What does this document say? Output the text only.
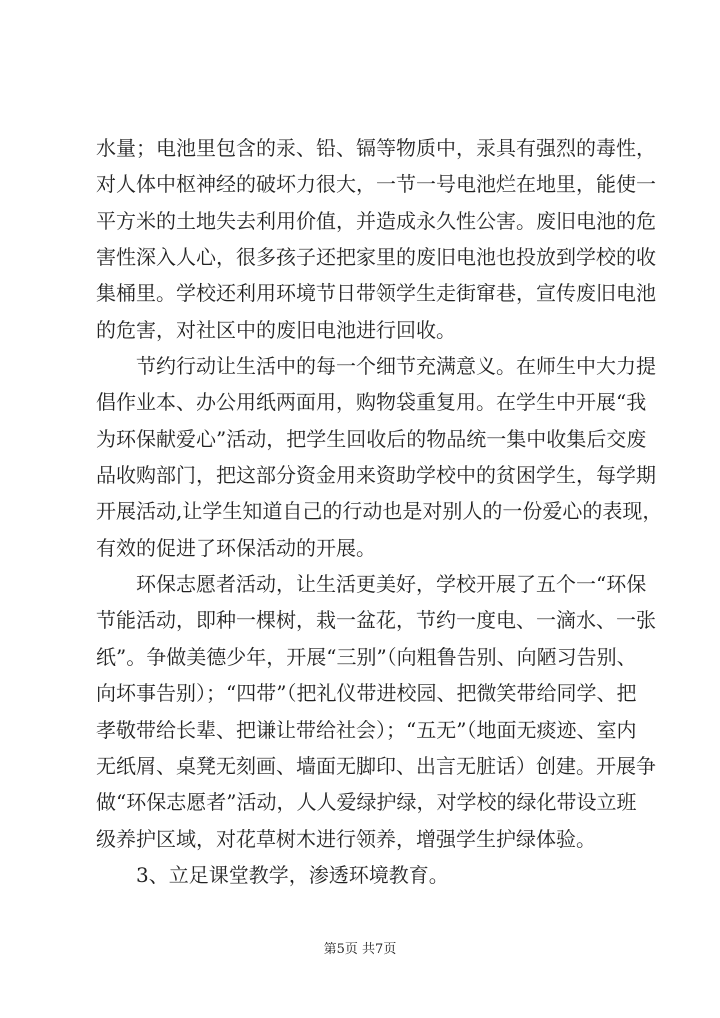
水量；电池里包含的汞、铅、镉等物质中，汞具有强烈的毒性，
对人体中枢神经的破坏力很大，一节一号电池烂在地里，能使一
平方米的土地失去利用价值，并造成永久性公害。废旧电池的危
害性深入人心，很多孩子还把家里的废旧电池也投放到学校的收
集桶里。学校还利用环境节日带领学生走街窜巷，宣传废旧电池
的危害，对社区中的废旧电池进行回收。
节约行动让生活中的每一个细节充满意义。在师生中大力提
倡作业本、办公用纸两面用，购物袋重复用。在学生中开展“我
为环保献爱心”活动，把学生回收后的物品统一集中收集后交废
品收购部门，把这部分资金用来资助学校中的贫困学生，每学期
开展活动,让学生知道自己的行动也是对别人的一份爱心的表现，
有效的促进了环保活动的开展。
环保志愿者活动，让生活更美好，学校开展了五个一“环保
节能活动，即种一棵树，栽一盆花，节约一度电、一滴水、一张
纸”。争做美德少年，开展“三别”（向粗鲁告别、向陋习告别、
向坏事告别）；“四带”（把礼仪带进校园、把微笑带给同学、把
孝敬带给长辈、把谦让带给社会）；“五无”（地面无痰迹、室内
无纸屑、桌凳无刻画、墙面无脚印、出言无脏话）创建。开展争
做“环保志愿者”活动，人人爱绿护绿，对学校的绿化带设立班
级养护区域，对花草树木进行领养，增强学生护绿体验。
3、立足课堂教学，渗透环境教育。
第5页 共7页
